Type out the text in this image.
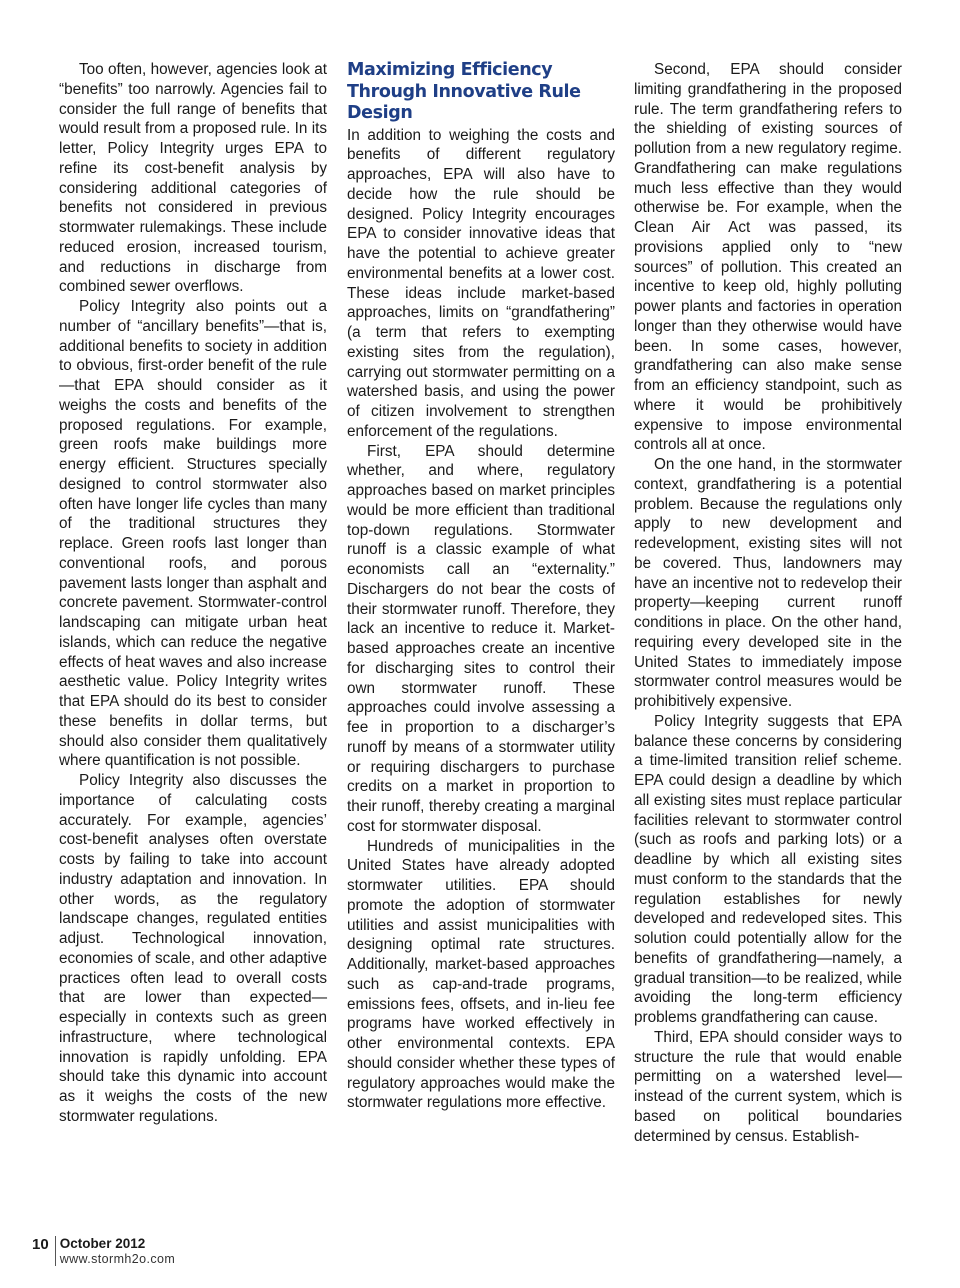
Too often, however, agencies look at “benefits” too narrowly. Agencies fail to consider the full range of benefits that would result from a proposed rule. In its letter, Policy Integrity urges EPA to refine its cost-benefit analysis by considering additional categories of benefits not considered in previous stormwater rulemakings. These include reduced erosion, increased tourism, and reductions in discharge from combined sewer overflows.

Policy Integrity also points out a number of “ancillary benefits”—that is, additional benefits to society in addition to obvious, first-order benefit of the rule—that EPA should consider as it weighs the costs and benefits of the proposed regulations. For example, green roofs make buildings more energy efficient. Structures specially designed to control stormwater also often have longer life cycles than many of the traditional structures they replace. Green roofs last longer than conventional roofs, and porous pavement lasts longer than asphalt and concrete pavement. Stormwater-control landscaping can mitigate urban heat islands, which can reduce the negative effects of heat waves and also increase aesthetic value. Policy Integrity writes that EPA should do its best to consider these benefits in dollar terms, but should also consider them qualitatively where quantification is not possible.

Policy Integrity also discusses the importance of calculating costs accurately. For example, agencies’ cost-benefit analyses often overstate costs by failing to take into account industry adaptation and innovation. In other words, as the regulatory landscape changes, regulated entities adjust. Technological innovation, economies of scale, and other adaptive practices often lead to overall costs that are lower than expected—especially in contexts such as green infrastructure, where technological innovation is rapidly unfolding. EPA should take this dynamic into account as it weighs the costs of the new stormwater regulations.

Maximizing Efficiency Through Innovative Rule Design

In addition to weighing the costs and benefits of different regulatory approaches, EPA will also have to decide how the rule should be designed. Policy Integrity encourages EPA to consider innovative ideas that have the potential to achieve greater environmental benefits at a lower cost. These ideas include market-based approaches, limits on “grandfathering” (a term that refers to exempting existing sites from the regulation), carrying out stormwater permitting on a watershed basis, and using the power of citizen involvement to strengthen enforcement of the regulations.

First, EPA should determine whether, and where, regulatory approaches based on market principles would be more efficient than traditional top-down regulations. Stormwater runoff is a classic example of what economists call an “externality.” Dischargers do not bear the costs of their stormwater runoff. Therefore, they lack an incentive to reduce it. Market-based approaches create an incentive for discharging sites to control their own stormwater runoff. These approaches could involve assessing a fee in proportion to a discharger’s runoff by means of a stormwater utility or requiring dischargers to purchase credits on a market in proportion to their runoff, thereby creating a marginal cost for stormwater disposal.

Hundreds of municipalities in the United States have already adopted stormwater utilities. EPA should promote the adoption of stormwater utilities and assist municipalities with designing optimal rate structures. Additionally, market-based approaches such as cap-and-trade programs, emissions fees, offsets, and in-lieu fee programs have worked effectively in other environmental contexts. EPA should consider whether these types of regulatory approaches would make the stormwater regulations more effective.

Second, EPA should consider limiting grandfathering in the proposed rule. The term grandfathering refers to the shielding of existing sources of pollution from a new regulatory regime. Grandfathering can make regulations much less effective than they would otherwise be. For example, when the Clean Air Act was passed, its provisions applied only to “new sources” of pollution. This created an incentive to keep old, highly polluting power plants and factories in operation longer than they otherwise would have been. In some cases, however, grandfathering can also make sense from an efficiency standpoint, such as where it would be prohibitively expensive to impose environmental controls all at once.

On the one hand, in the stormwater context, grandfathering is a potential problem. Because the regulations only apply to new development and redevelopment, existing sites will not be covered. Thus, landowners may have an incentive not to redevelop their property—keeping current runoff conditions in place. On the other hand, requiring every developed site in the United States to immediately impose stormwater control measures would be prohibitively expensive.

Policy Integrity suggests that EPA balance these concerns by considering a time-limited transition relief scheme. EPA could design a deadline by which all existing sites must replace particular facilities relevant to stormwater control (such as roofs and parking lots) or a deadline by which all existing sites must conform to the standards that the regulation establishes for newly developed and redeveloped sites. This solution could potentially allow for the benefits of grandfathering—namely, a gradual transition—to be realized, while avoiding the long-term efficiency problems grandfathering can cause.

Third, EPA should consider ways to structure the rule that would enable permitting on a watershed level—instead of the current system, which is based on political boundaries determined by census. Establish-

10 October 2012
www.stormh2o.com
